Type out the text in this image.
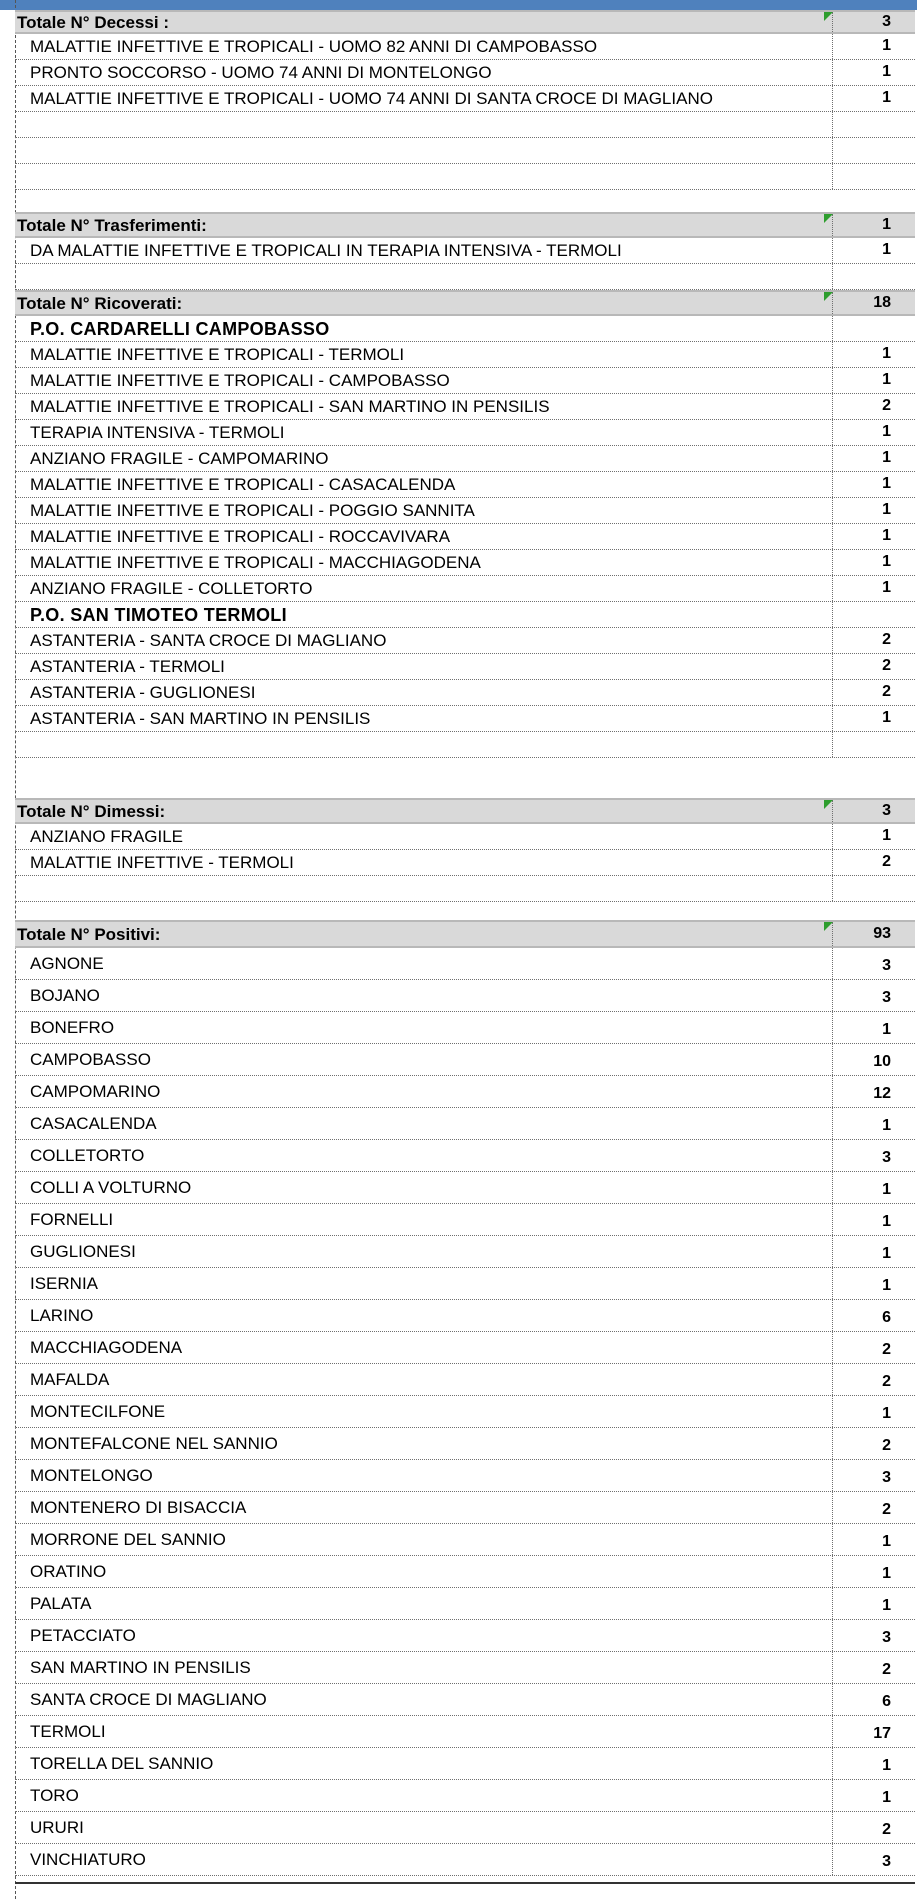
Totale N° Decessi :	3
MALATTIE INFETTIVE E TROPICALI - UOMO 82 ANNI DI CAMPOBASSO	1
PRONTO SOCCORSO - UOMO 74 ANNI DI MONTELONGO	1
MALATTIE INFETTIVE E TROPICALI - UOMO 74 ANNI DI SANTA CROCE DI MAGLIANO	1
Totale N° Trasferimenti:	1
DA MALATTIE INFETTIVE E TROPICALI IN TERAPIA INTENSIVA - TERMOLI	1
Totale N° Ricoverati:	18
P.O. CARDARELLI CAMPOBASSO
MALATTIE INFETTIVE E TROPICALI - TERMOLI	1
MALATTIE INFETTIVE E TROPICALI - CAMPOBASSO	1
MALATTIE INFETTIVE E TROPICALI - SAN MARTINO IN PENSILIS	2
TERAPIA INTENSIVA - TERMOLI	1
ANZIANO FRAGILE - CAMPOMARINO	1
MALATTIE INFETTIVE E TROPICALI - CASACALENDA	1
MALATTIE INFETTIVE E TROPICALI - POGGIO SANNITA	1
MALATTIE INFETTIVE E TROPICALI - ROCCAVIVARA	1
MALATTIE INFETTIVE E TROPICALI - MACCHIAGODENA	1
ANZIANO FRAGILE - COLLETORTO	1
P.O. SAN TIMOTEO TERMOLI
ASTANTERIA - SANTA CROCE DI MAGLIANO	2
ASTANTERIA - TERMOLI	2
ASTANTERIA - GUGLIONESI	2
ASTANTERIA - SAN MARTINO IN PENSILIS	1
Totale N° Dimessi:	3
ANZIANO FRAGILE	1
MALATTIE INFETTIVE - TERMOLI	2
Totale N° Positivi:	93
AGNONE	3
BOJANO	3
BONEFRO	1
CAMPOBASSO	10
CAMPOMARINO	12
CASACALENDA	1
COLLETORTO	3
COLLI A VOLTURNO	1
FORNELLI	1
GUGLIONESI	1
ISERNIA	1
LARINO	6
MACCHIAGODENA	2
MAFALDA	2
MONTECILFONE	1
MONTEFALCONE NEL SANNIO	2
MONTELONGO	3
MONTENERO DI BISACCIA	2
MORRONE DEL SANNIO	1
ORATINO	1
PALATA	1
PETACCIATO	3
SAN MARTINO IN PENSILIS	2
SANTA CROCE DI MAGLIANO	6
TERMOLI	17
TORELLA DEL SANNIO	1
TORO	1
URURI	2
VINCHIATURO	3
